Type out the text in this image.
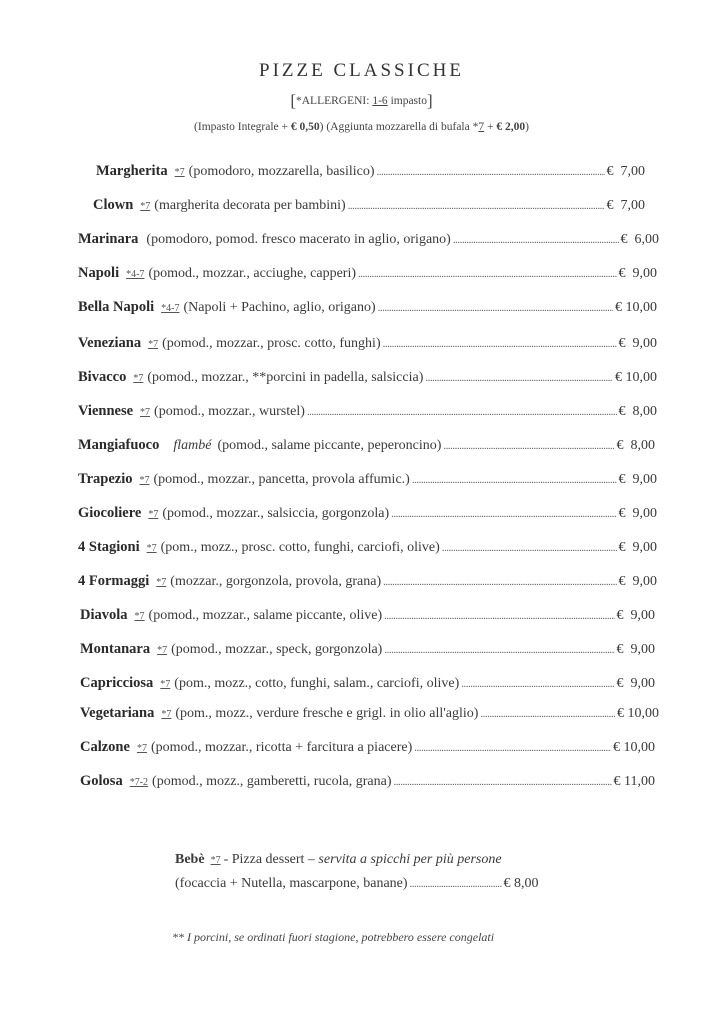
PIZZE CLASSICHE
[*ALLERGENI: 1-6 impasto]
(Impasto Integrale + € 0,50) (Aggiunta mozzarella di bufala *7 + € 2,00)
Margherita *7 (pomodoro, mozzarella, basilico) .....	€  7,00
Clown *7 (margherita decorata per bambini) .....	€  7,00
Marinara (pomodoro, pomod. fresco macerato in aglio, origano) .....	€  6,00
Napoli *4-7 (pomod., mozzar., acciughe, capperi) .....	€  9,00
Bella Napoli *4-7 (Napoli + Pachino, aglio, origano) .....	€ 10,00
Veneziana *7 (pomod., mozzar., prosc. cotto, funghi) .....	€  9,00
Bivacco *7 (pomod., mozzar., **porcini in padella, salsiccia) .....	€ 10,00
Viennese *7 (pomod., mozzar., wurstel) .....	€  8,00
Mangiafuoco flambé (pomod., salame piccante, peperoncino) .....	€  8,00
Trapezio *7 (pomod., mozzar., pancetta, provola affumic.) .....	€  9,00
Giocoliere *7 (pomod., mozzar., salsiccia, gorgonzola) .....	€  9,00
4 Stagioni *7 (pom., mozz., prosc. cotto, funghi, carciofi, olive) .....	€  9,00
4 Formaggi *7 (mozzar., gorgonzola, provola, grana) .....	€  9,00
Diavola *7 (pomod., mozzar., salame piccante, olive) .....	€  9,00
Montanara *7 (pomod., mozzar., speck, gorgonzola) .....	€  9,00
Capricciosa *7 (pom., mozz., cotto, funghi, salam., carciofi, olive) .....	€  9,00
Vegetariana *7 (pom., mozz., verdure fresche e grigl. in olio all'aglio) .....	€ 10,00
Calzone *7 (pomod., mozzar., ricotta + farcitura a piacere) .....	€ 10,00
Golosa *7-2 (pomod., mozz., gamberetti, rucola, grana) .....	€ 11,00
Bebè *7 - Pizza dessert – servita a spicchi per più persone
(focaccia + Nutella, mascarpone, banane) .....	€ 8,00
** I porcini, se ordinati fuori stagione, potrebbero essere congelati
